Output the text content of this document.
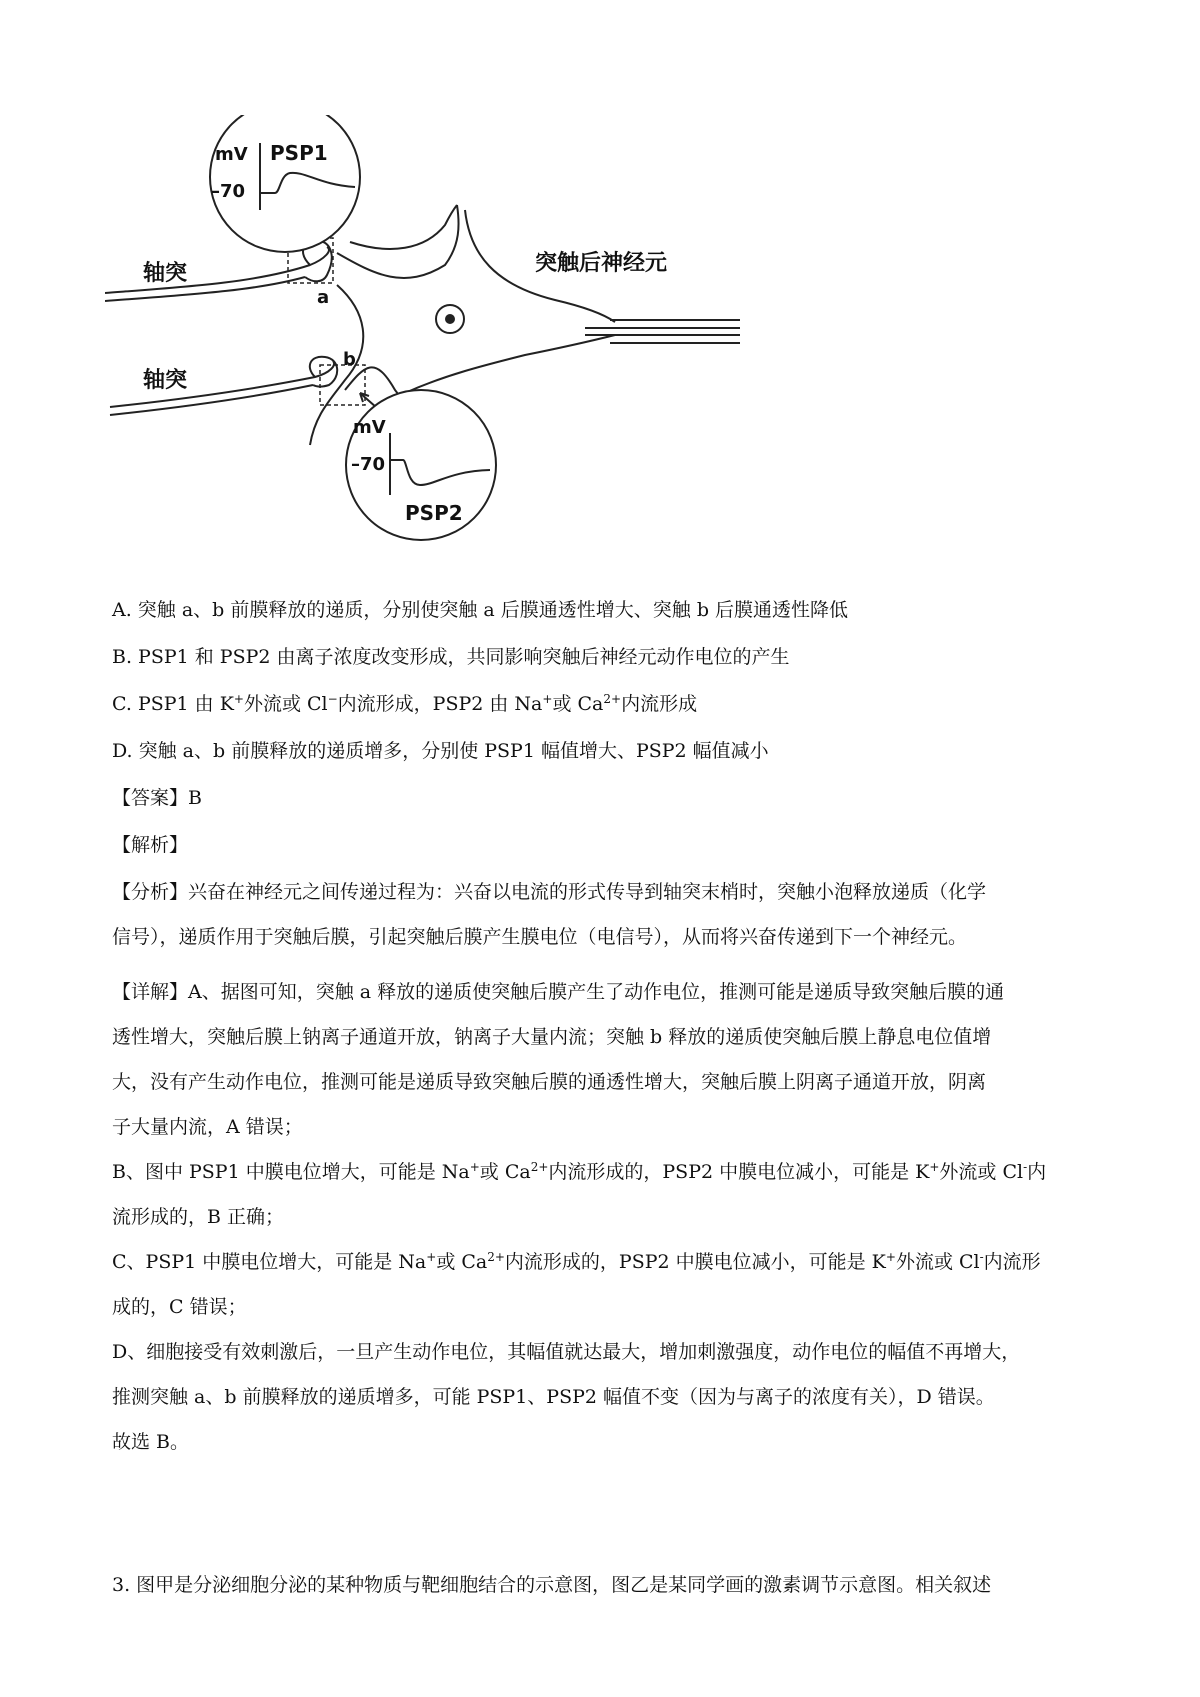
mV
–70
PSP1
mV
–70
PSP2
轴突
轴突
突触后神经元
a
b
A. 突触 a、b 前膜释放的递质，分别使突触 a 后膜通透性增大、突触 b 后膜通透性降低
B. PSP1 和 PSP2 由离子浓度改变形成，共同影响突触后神经元动作电位的产生
C. PSP1 由 K+外流或 Cl−内流形成，PSP2 由 Na+或 $Ca^{2+}$内流形成
D. 突触 a、b 前膜释放的递质增多，分别使 PSP1 幅值增大、PSP2 幅值减小
【答案】B
【解析】
【分析】兴奋在神经元之间传递过程为：兴奋以电流的形式传导到轴突末梢时，突触小泡释放递质（化学
信号），递质作用于突触后膜，引起突触后膜产生膜电位（电信号），从而将兴奋传递到下一个神经元。
【详解】A、据图可知，突触 a 释放的递质使突触后膜产生了动作电位，推测可能是递质导致突触后膜的通
透性增大，突触后膜上钠离子通道开放，钠离子大量内流；突触 b 释放的递质使突触后膜上静息电位值增
大，没有产生动作电位，推测可能是递质导致突触后膜的通透性增大，突触后膜上阴离子通道开放，阴离
子大量内流，A 错误；
B、图中 PSP1 中膜电位增大，可能是 Na+或 $Ca^{2+}$内流形成的，PSP2 中膜电位减小，可能是 K+外流或 Cl-内
流形成的，B 正确；
C、PSP1 中膜电位增大，可能是 Na+或 $Ca^{2+}$内流形成的，PSP2 中膜电位减小，可能是 K+外流或 Cl-内流形
成的，C 错误；
D、细胞接受有效刺激后，一旦产生动作电位，其幅值就达最大，增加刺激强度，动作电位的幅值不再增大，
推测突触 a、b 前膜释放的递质增多，可能 PSP1、PSP2 幅值不变（因为与离子的浓度有关），D 错误。
故选 B。
3. 图甲是分泌细胞分泌的某种物质与靶细胞结合的示意图，图乙是某同学画的激素调节示意图。相关叙述
